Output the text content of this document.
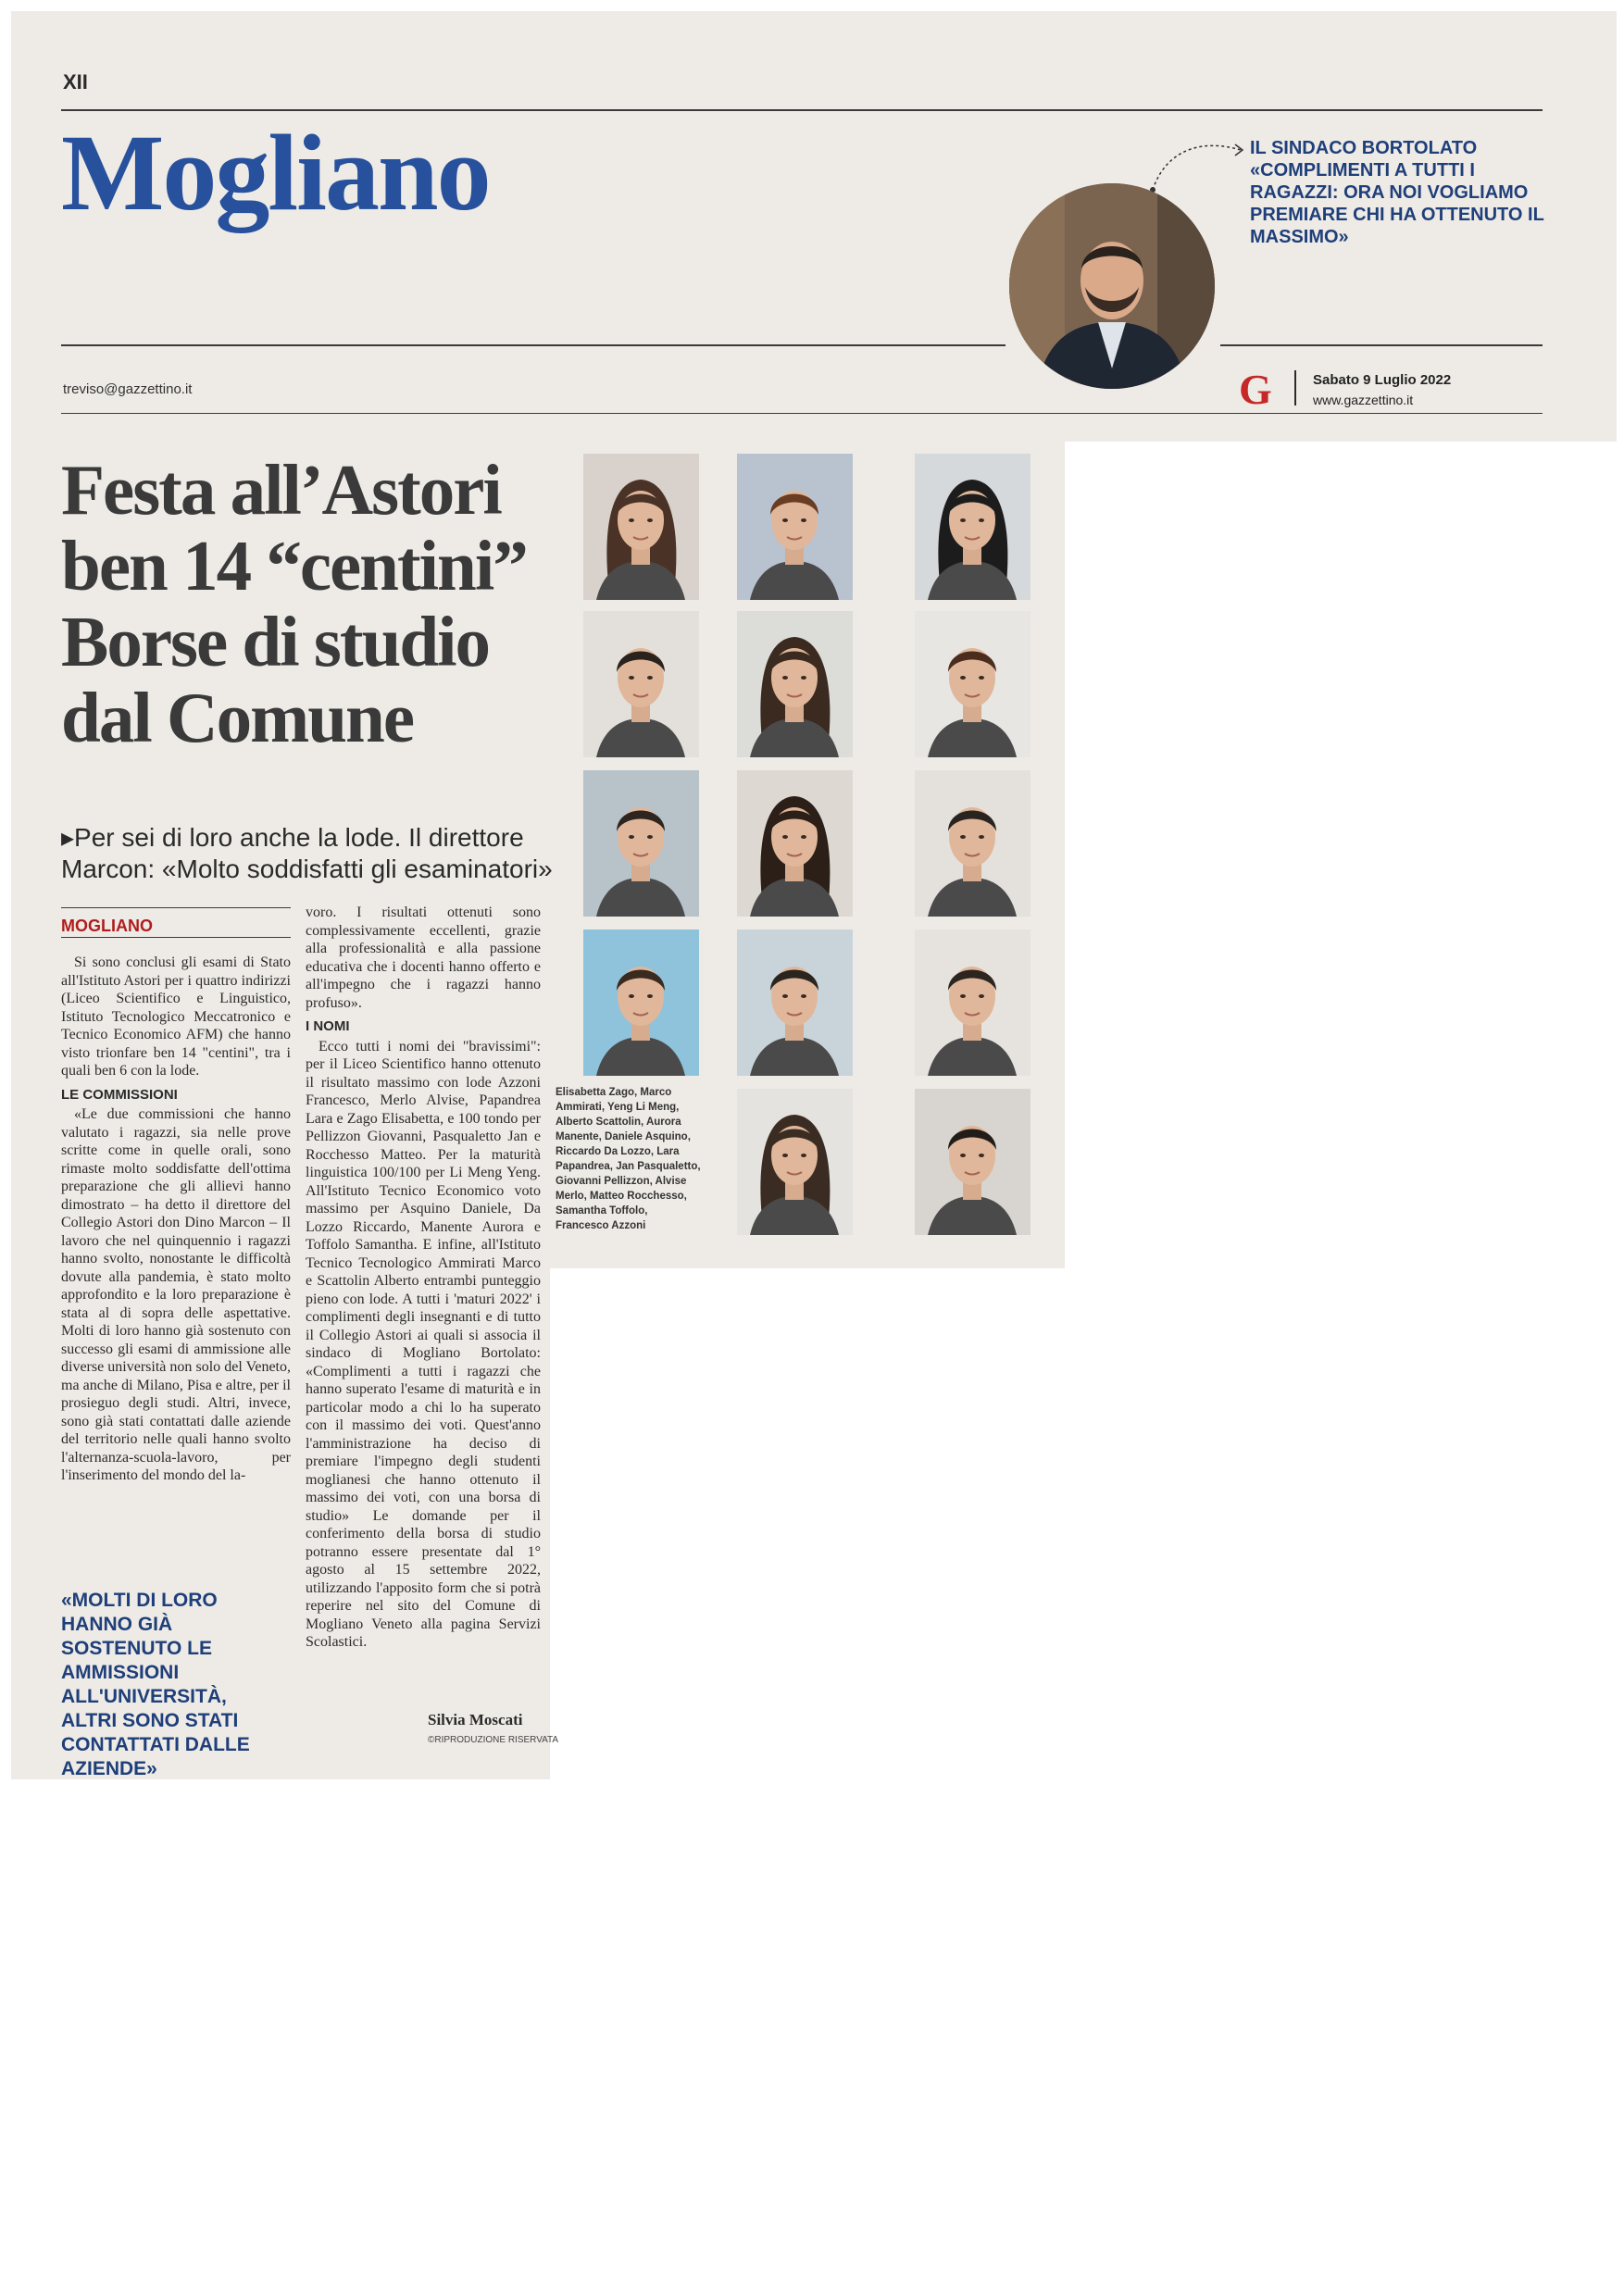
XII
Mogliano
treviso@gazzettino.it
IL SINDACO BORTOLATO «COMPLIMENTI A TUTTI I RAGAZZI: ORA NOI VOGLIAMO PREMIARE CHI HA OTTENUTO IL MASSIMO»
G	Sabato 9 Luglio 2022
www.gazzettino.it
Festa all’Astori
ben 14 “centini”
Borse di studio
dal Comune
▸Per sei di loro anche la lode. Il direttore Marcon: «Molto soddisfatti gli esaminatori»
MOGLIANO

Si sono conclusi gli esami di Stato all'Istituto Astori per i quattro indirizzi (Liceo Scientifico e Linguistico, Istituto Tecnologico Meccatronico e Tecnico Economico AFM) che hanno visto trionfare ben 14 "centini", tra i quali ben 6 con la lode.

LE COMMISSIONI

«Le due commissioni che hanno valutato i ragazzi, sia nelle prove scritte come in quelle orali, sono rimaste molto soddisfatte dell'ottima preparazione che gli allievi hanno dimostrato – ha detto il direttore del Collegio Astori don Dino Marcon – Il lavoro che nel quinquennio i ragazzi hanno svolto, nonostante le difficoltà dovute alla pandemia, è stato molto approfondito e la loro preparazione è stata al di sopra delle aspettative. Molti di loro hanno già sostenuto con successo gli esami di ammissione alle diverse università non solo del Veneto, ma anche di Milano, Pisa e altre, per il prosieguo degli studi. Altri, invece, sono già stati contattati dalle aziende del territorio nelle quali hanno svolto l'alternanza-scuola-lavoro, per l'inserimento del mondo del la-

voro. I risultati ottenuti sono complessivamente eccellenti, grazie alla professionalità e alla passione educativa che i docenti hanno offerto e all'impegno che i ragazzi hanno profuso».

I NOMI

Ecco tutti i nomi dei "bravissimi": per il Liceo Scientifico hanno ottenuto il risultato massimo con lode Azzoni Francesco, Merlo Alvise, Papandrea Lara e Zago Elisabetta, e 100 tondo per Pellizzon Giovanni, Pasqualetto Jan e Rocchesso Matteo. Per la maturità linguistica 100/100 per Li Meng Yeng. All'Istituto Tecnico Economico voto massimo per Asquino Daniele, Da Lozzo Riccardo, Manente Aurora e Toffolo Samantha. E infine, all'Istituto Tecnico Tecnologico Ammirati Marco e Scattolin Alberto entrambi punteggio pieno con lode. A tutti i 'maturi 2022' i complimenti degli insegnanti e di tutto il Collegio Astori ai quali si associa il sindaco di Mogliano Bortolato: «Complimenti a tutti i ragazzi che hanno superato l'esame di maturità e in particolar modo a chi lo ha superato con il massimo dei voti. Quest'anno l'amministrazione ha deciso di premiare l'impegno degli studenti moglianesi che hanno ottenuto il massimo dei voti, con una borsa di studio» Le domande per il conferimento della borsa di studio potranno essere presentate dal 1° agosto al 15 settembre 2022, utilizzando l'apposito form che si potrà reperire nel sito del Comune di Mogliano Veneto alla pagina Servizi Scolastici.

«MOLTI DI LORO HANNO GIÀ SOSTENUTO LE AMMISSIONI ALL'UNIVERSITÀ, ALTRI SONO STATI CONTATTATI DALLE AZIENDE»
Silvia Moscati
©RIPRODUZIONE RISERVATA
Elisabetta Zago, Marco Ammirati, Yeng Li Meng, Alberto Scattolin, Aurora Manente, Daniele Asquino, Riccardo Da Lozzo, Lara Papandrea, Jan Pasqualetto, Giovanni Pellizzon, Alvise Merlo, Matteo Rocchesso, Samantha Toffolo, Francesco Azzoni
